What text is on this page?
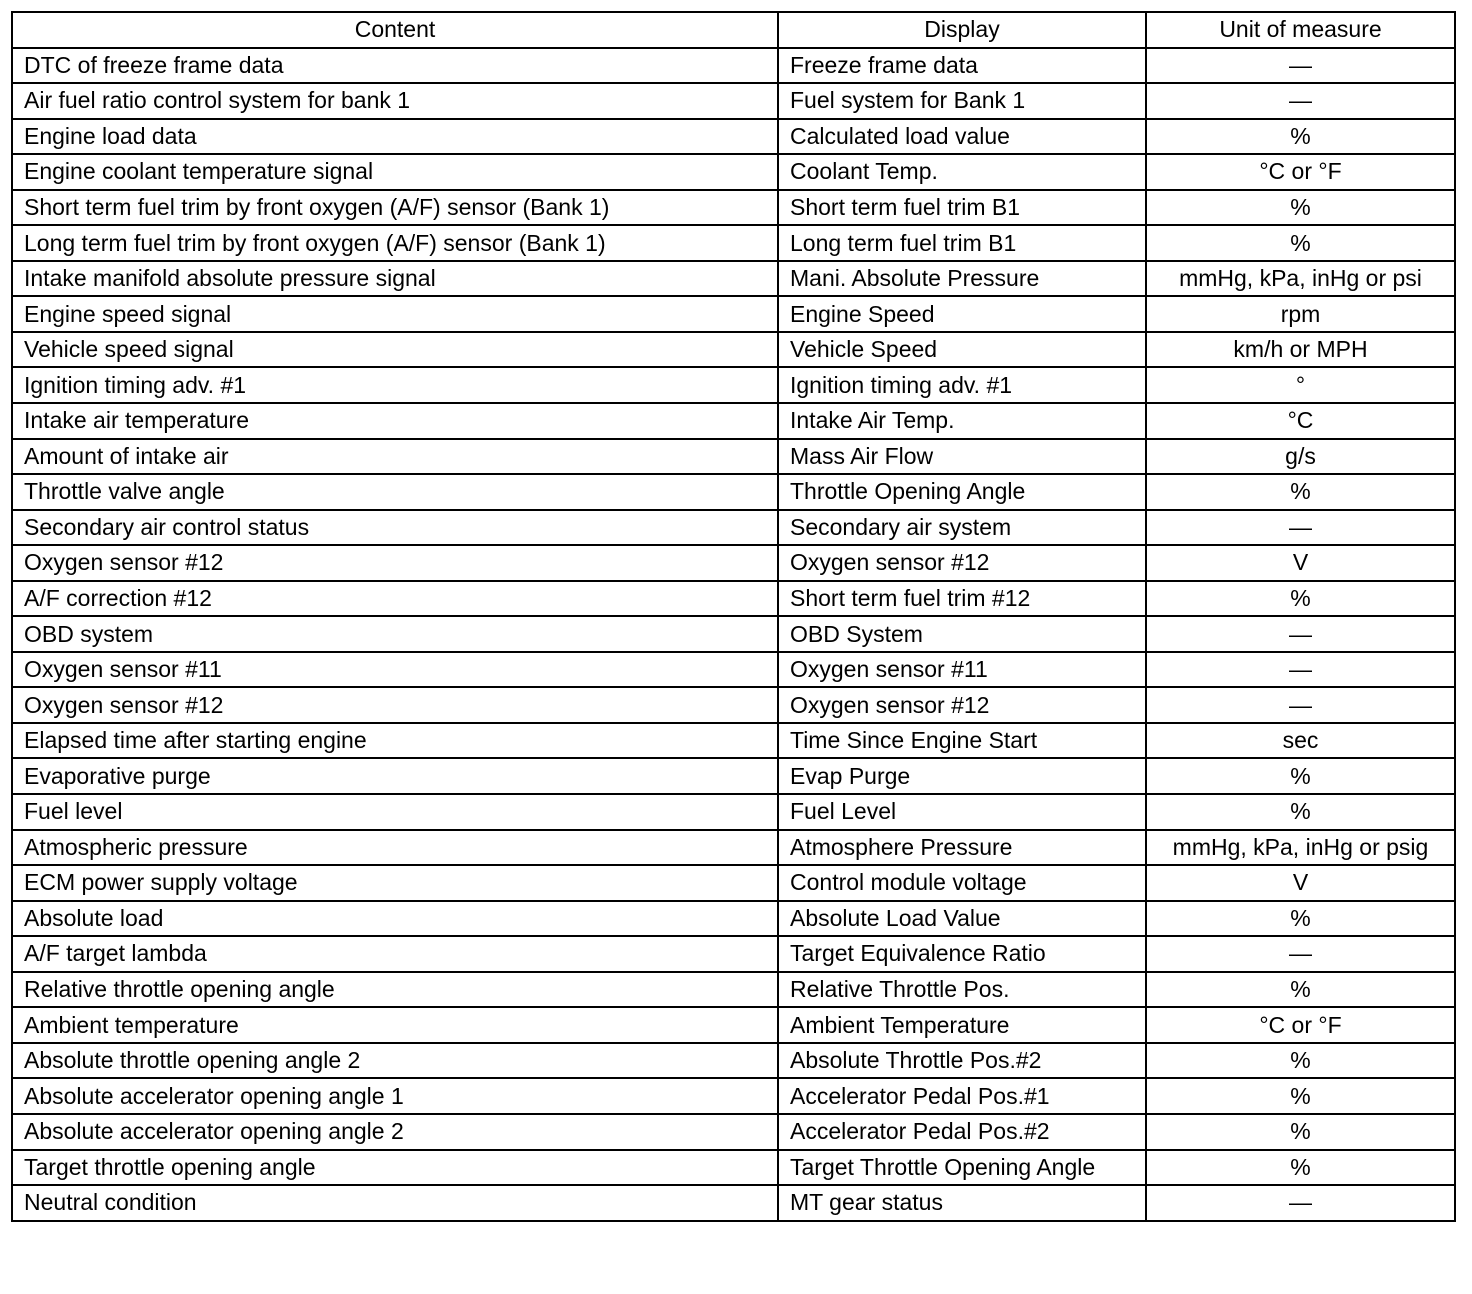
Content	Display	Unit of measure
DTC of freeze frame data	Freeze frame data	—
Air fuel ratio control system for bank 1	Fuel system for Bank 1	—
Engine load data	Calculated load value	%
Engine coolant temperature signal	Coolant Temp.	°C or °F
Short term fuel trim by front oxygen (A/F) sensor (Bank 1)	Short term fuel trim B1	%
Long term fuel trim by front oxygen (A/F) sensor (Bank 1)	Long term fuel trim B1	%
Intake manifold absolute pressure signal	Mani. Absolute Pressure	mmHg, kPa, inHg or psi
Engine speed signal	Engine Speed	rpm
Vehicle speed signal	Vehicle Speed	km/h or MPH
Ignition timing adv. #1	Ignition timing adv. #1	°
Intake air temperature	Intake Air Temp.	°C
Amount of intake air	Mass Air Flow	g/s
Throttle valve angle	Throttle Opening Angle	%
Secondary air control status	Secondary air system	—
Oxygen sensor #12	Oxygen sensor #12	V
A/F correction #12	Short term fuel trim #12	%
OBD system	OBD System	—
Oxygen sensor #11	Oxygen sensor #11	—
Oxygen sensor #12	Oxygen sensor #12	—
Elapsed time after starting engine	Time Since Engine Start	sec
Evaporative purge	Evap Purge	%
Fuel level	Fuel Level	%
Atmospheric pressure	Atmosphere Pressure	mmHg, kPa, inHg or psig
ECM power supply voltage	Control module voltage	V
Absolute load	Absolute Load Value	%
A/F target lambda	Target Equivalence Ratio	—
Relative throttle opening angle	Relative Throttle Pos.	%
Ambient temperature	Ambient Temperature	°C or °F
Absolute throttle opening angle 2	Absolute Throttle Pos.#2	%
Absolute accelerator opening angle 1	Accelerator Pedal Pos.#1	%
Absolute accelerator opening angle 2	Accelerator Pedal Pos.#2	%
Target throttle opening angle	Target Throttle Opening Angle	%
Neutral condition	MT gear status	—
